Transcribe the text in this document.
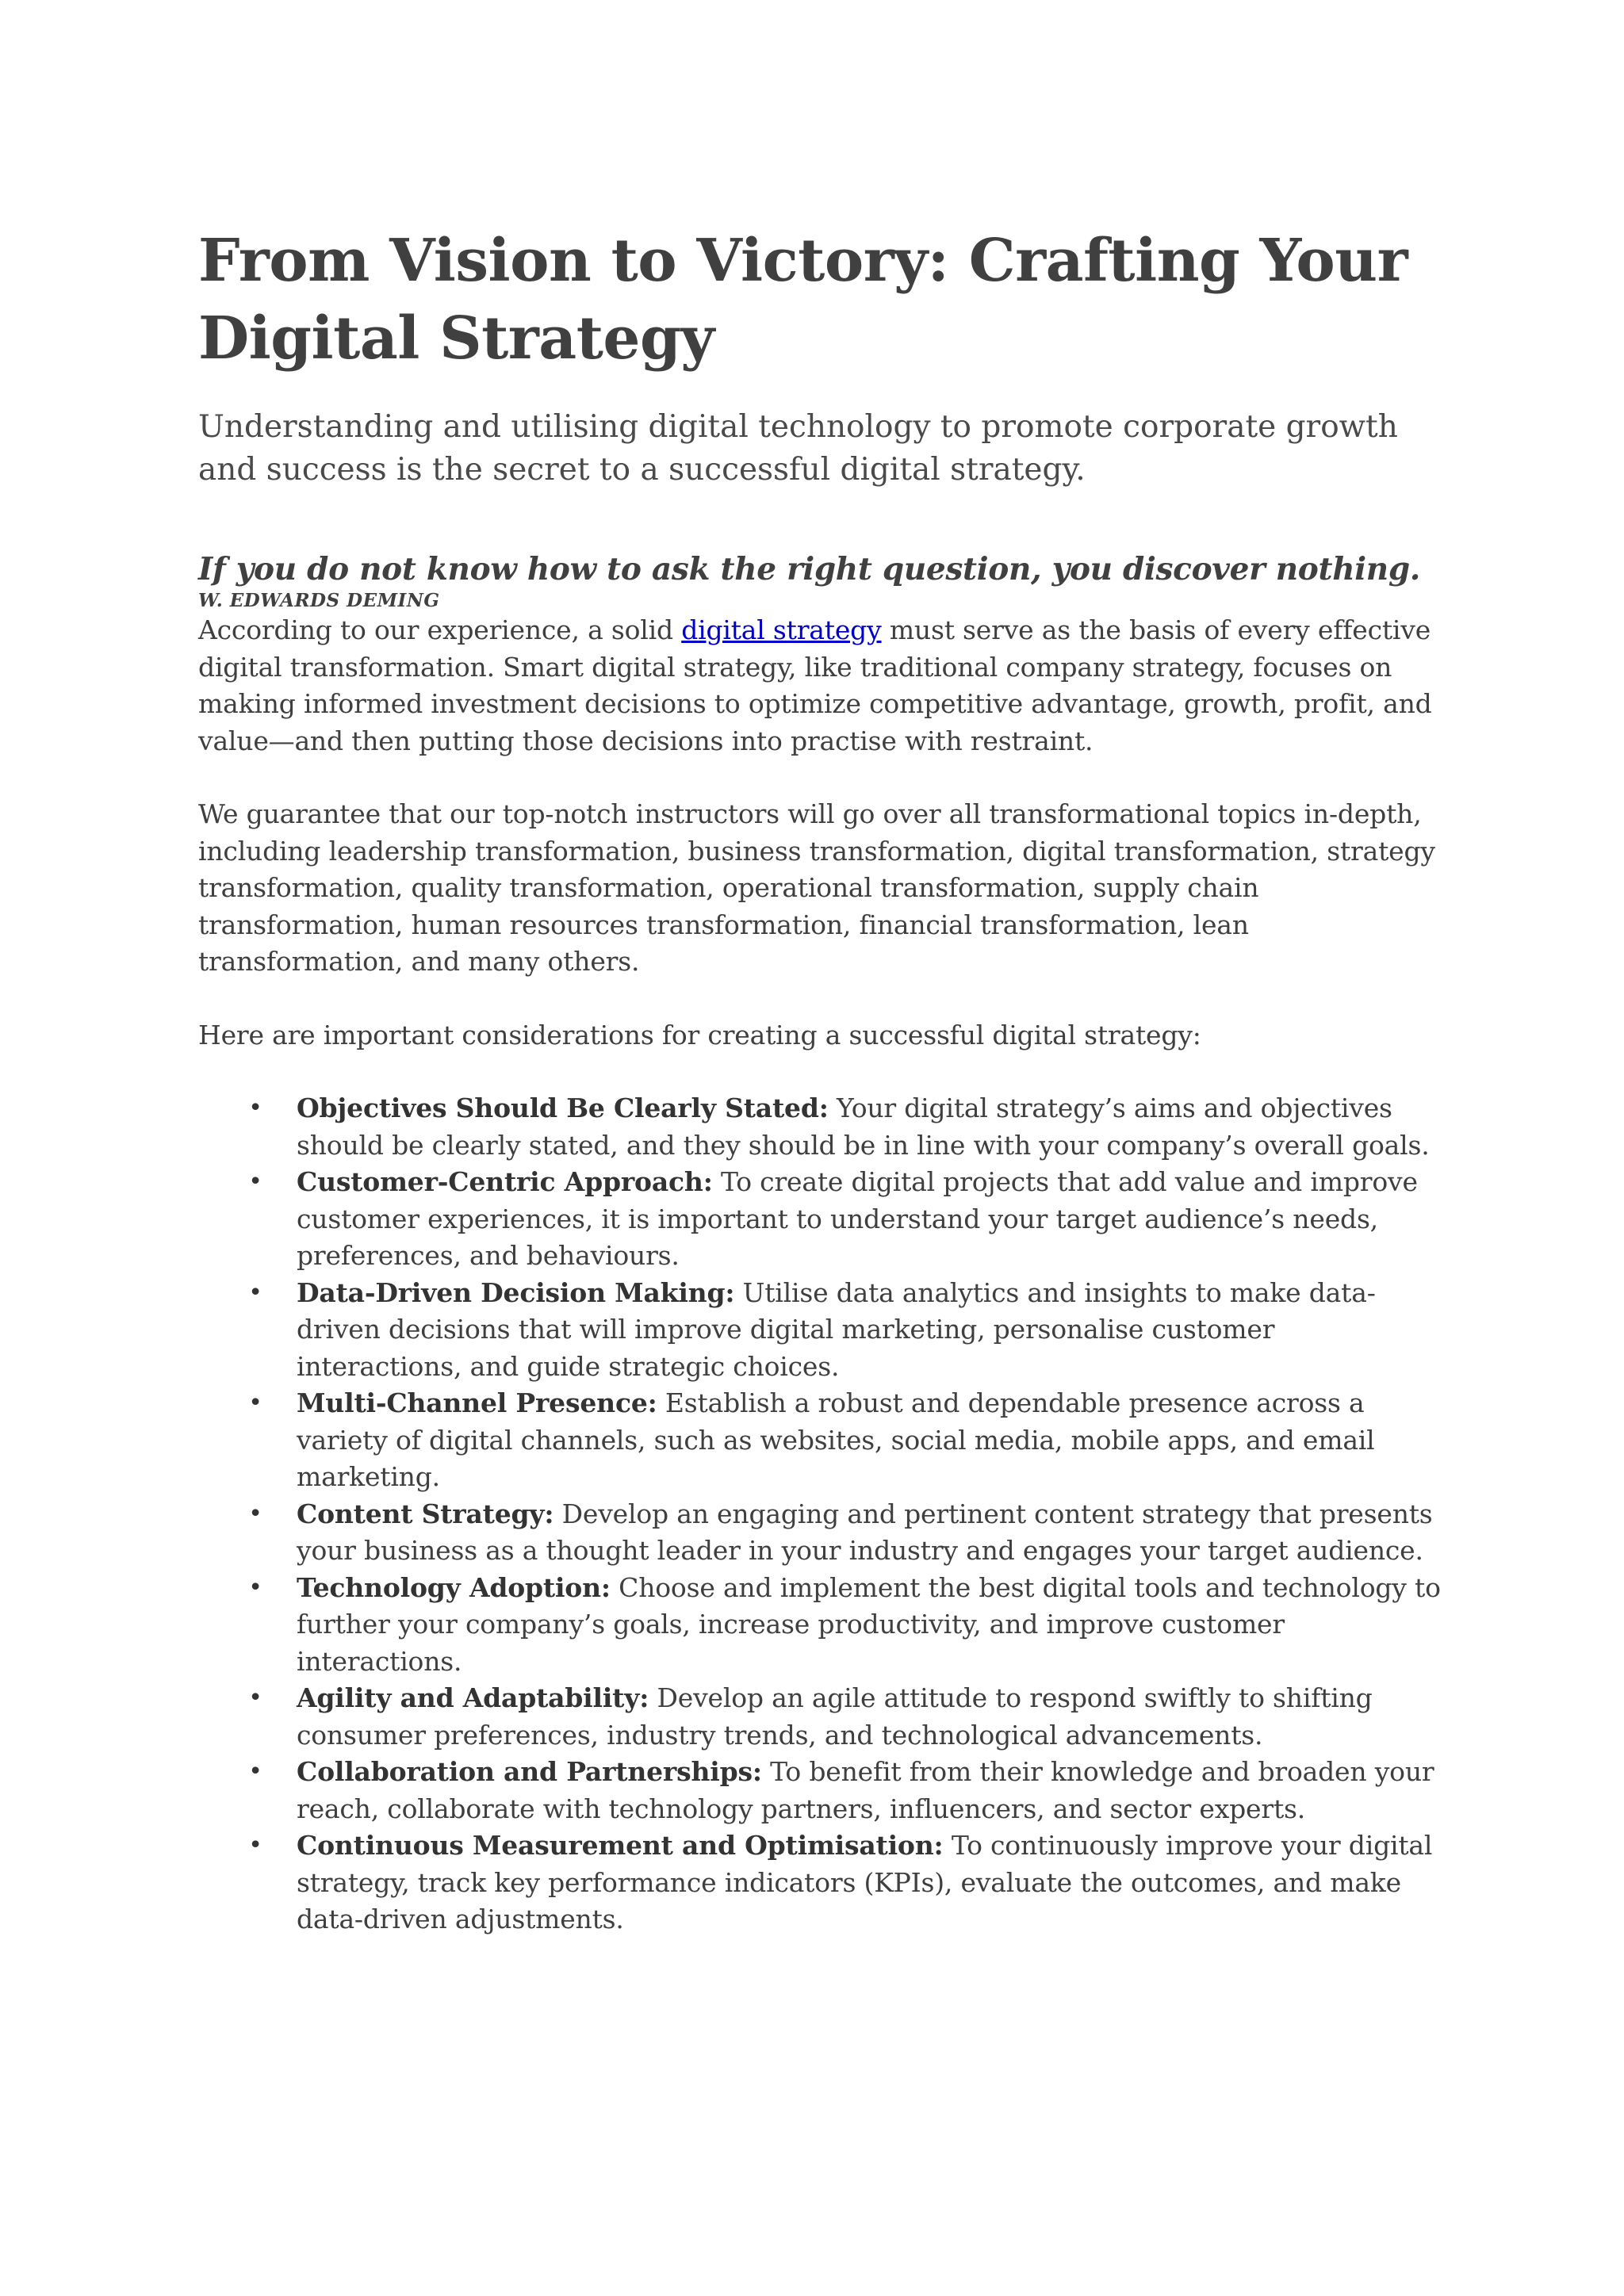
From Vision to Victory: Crafting Your Digital Strategy

Understanding and utilising digital technology to promote corporate growth and success is the secret to a successful digital strategy.

If you do not know how to ask the right question, you discover nothing.

W. EDWARDS DEMING

According to our experience, a solid digital strategy must serve as the basis of every effective digital transformation. Smart digital strategy, like traditional company strategy, focuses on making informed investment decisions to optimize competitive advantage, growth, profit, and value—and then putting those decisions into practise with restraint.

We guarantee that our top-notch instructors will go over all transformational topics in-depth, including leadership transformation, business transformation, digital transformation, strategy transformation, quality transformation, operational transformation, supply chain transformation, human resources transformation, financial transformation, lean transformation, and many others.

Here are important considerations for creating a successful digital strategy:

• Objectives Should Be Clearly Stated: Your digital strategy’s aims and objectives should be clearly stated, and they should be in line with your company’s overall goals.
• Customer-Centric Approach: To create digital projects that add value and improve customer experiences, it is important to understand your target audience’s needs, preferences, and behaviours.
• Data-Driven Decision Making: Utilise data analytics and insights to make data-driven decisions that will improve digital marketing, personalise customer interactions, and guide strategic choices.
• Multi-Channel Presence: Establish a robust and dependable presence across a variety of digital channels, such as websites, social media, mobile apps, and email marketing.
• Content Strategy: Develop an engaging and pertinent content strategy that presents your business as a thought leader in your industry and engages your target audience.
• Technology Adoption: Choose and implement the best digital tools and technology to further your company’s goals, increase productivity, and improve customer interactions.
• Agility and Adaptability: Develop an agile attitude to respond swiftly to shifting consumer preferences, industry trends, and technological advancements.
• Collaboration and Partnerships: To benefit from their knowledge and broaden your reach, collaborate with technology partners, influencers, and sector experts.
• Continuous Measurement and Optimisation: To continuously improve your digital strategy, track key performance indicators (KPIs), evaluate the outcomes, and make data-driven adjustments.
